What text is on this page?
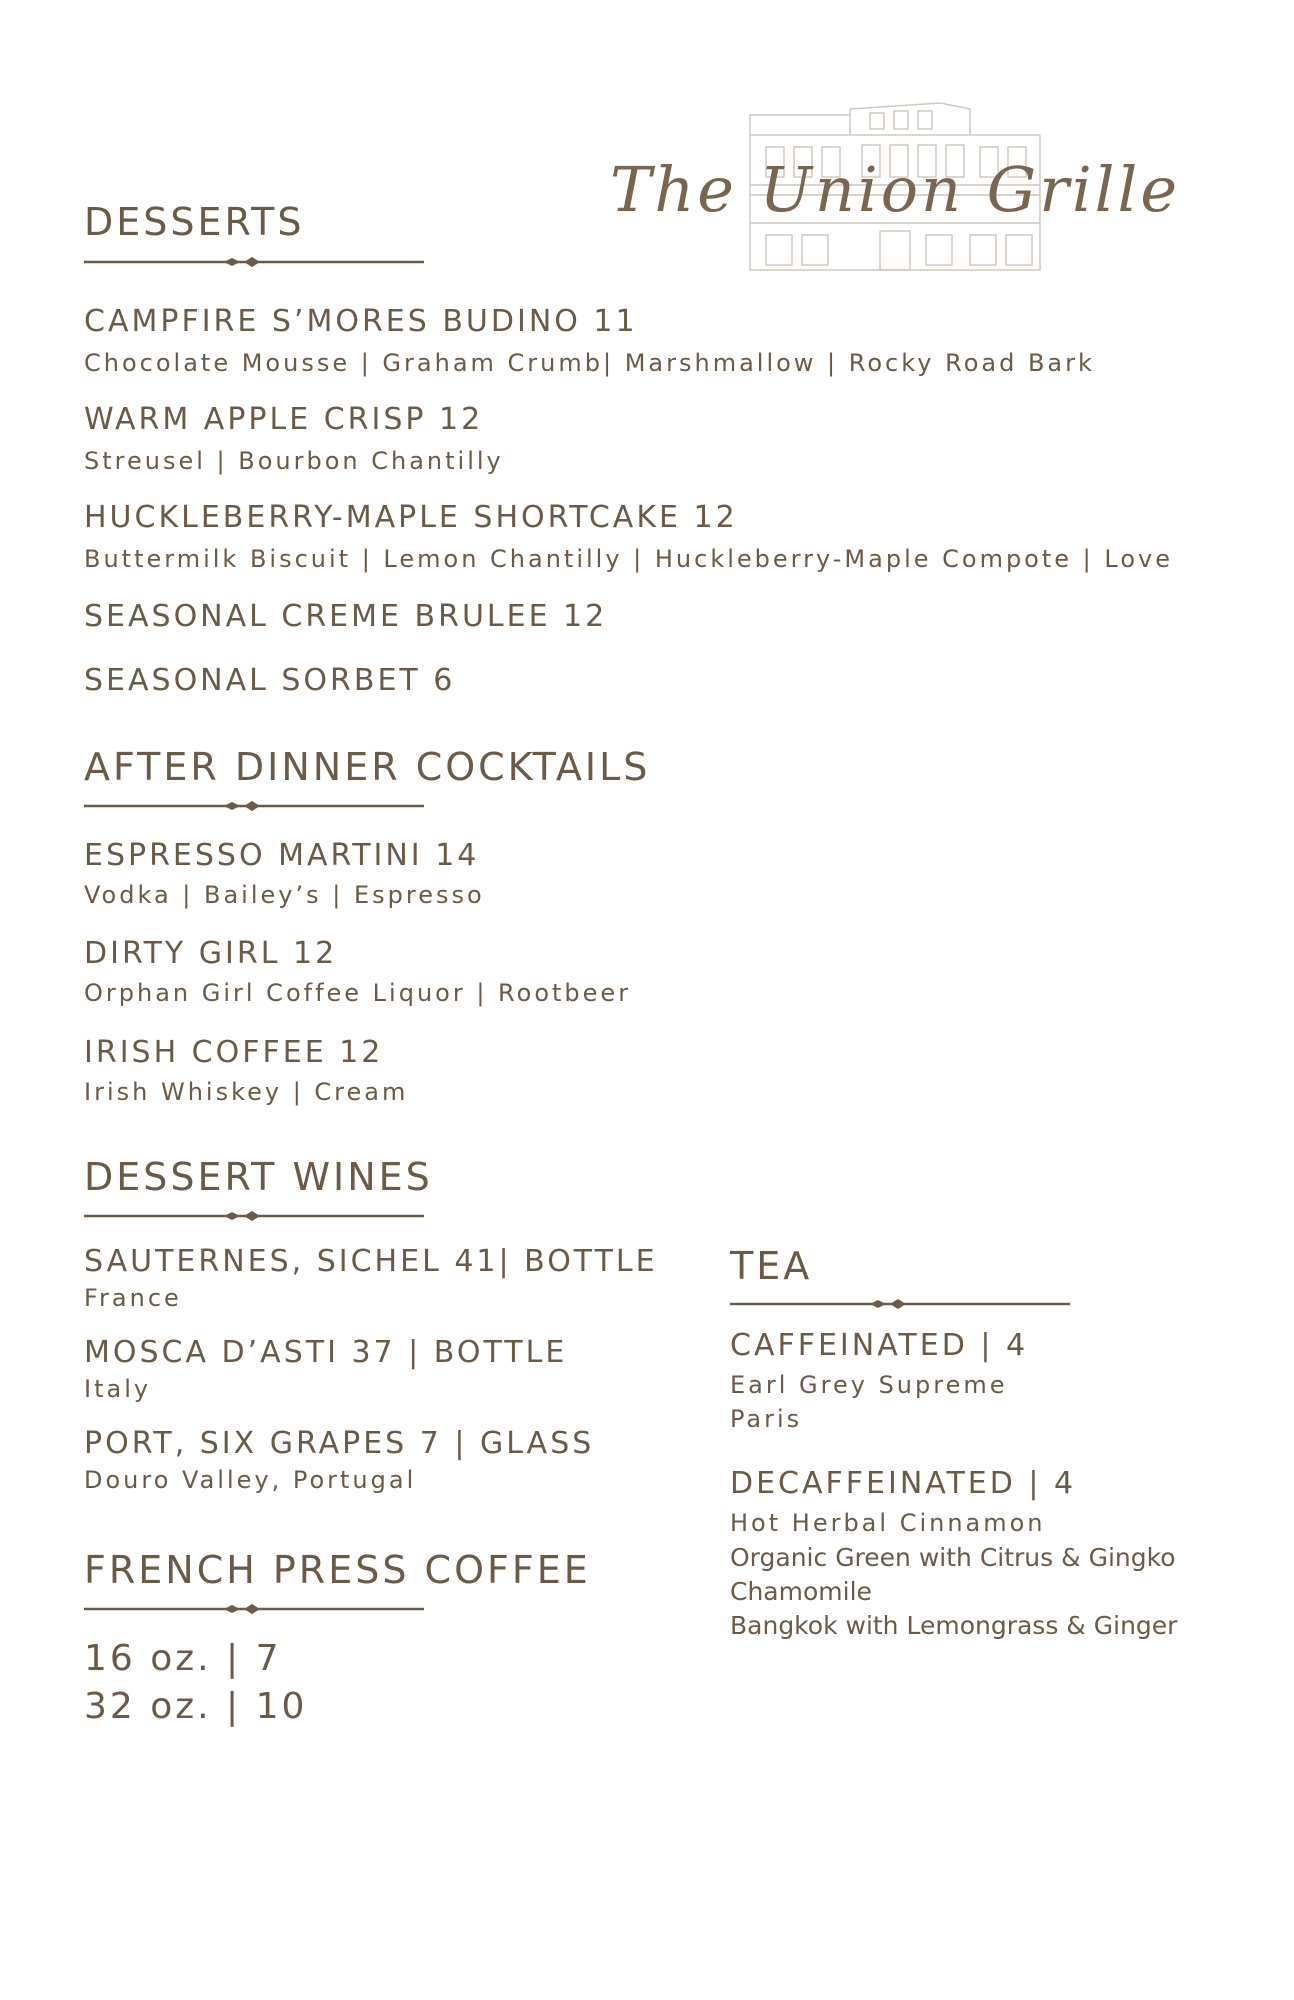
The Union Grille
DESSERTS
CAMPFIRE S’MORES BUDINO 11
Chocolate Mousse | Graham Crumb| Marshmallow | Rocky Road Bark
WARM APPLE CRISP 12
Streusel | Bourbon Chantilly
HUCKLEBERRY-MAPLE SHORTCAKE 12
Buttermilk Biscuit | Lemon Chantilly | Huckleberry-Maple Compote | Love
SEASONAL CREME BRULEE 12
SEASONAL SORBET 6
AFTER DINNER COCKTAILS
ESPRESSO MARTINI 14
Vodka | Bailey’s | Espresso
DIRTY GIRL 12
Orphan Girl Coffee Liquor | Rootbeer
IRISH COFFEE 12
Irish Whiskey | Cream
DESSERT WINES
SAUTERNES, SICHEL 41| BOTTLE
France
MOSCA D’ASTI 37 | BOTTLE
Italy
PORT, SIX GRAPES 7 | GLASS
Douro Valley, Portugal
FRENCH PRESS COFFEE
16 oz. | 7
32 oz. | 10
TEA
CAFFEINATED | 4
Earl Grey Supreme
Paris
DECAFFEINATED | 4
Hot Herbal Cinnamon
Organic Green with Citrus & Gingko
Chamomile
Bangkok with Lemongrass & Ginger
